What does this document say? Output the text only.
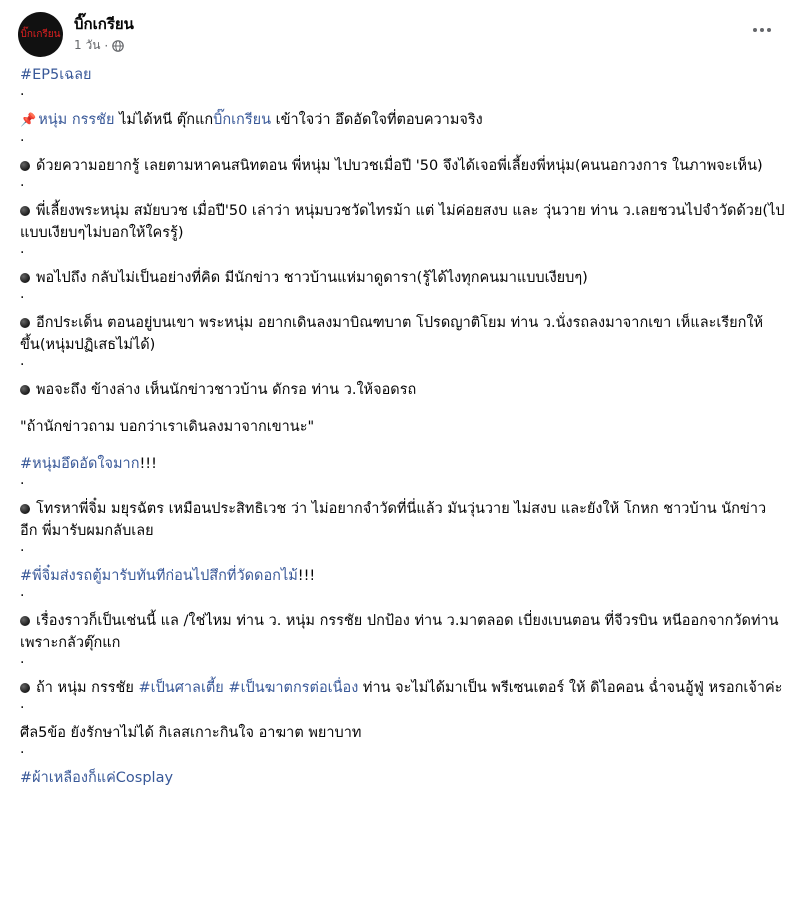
บิ๊กเกรียน
บิ๊กเกรียน
1 วัน ·

#EP5เฉลย

.

📌 หนุ่ม กรรชัย ไม่ได้หนี ตุ๊กแกบิ๊กเกรียน เข้าใจว่า อึดอัดใจที่ตอบความจริง

.

ด้วยความอยากรู้ เลยตามหาคนสนิทตอน พี่หนุ่ม ไปบวชเมื่อปี '50 จึงได้เจอพี่เลี้ยงพี่หนุ่ม(คนนอกวงการ ในภาพจะเห็น)

.

พี่เลี้ยงพระหนุ่ม สมัยบวช เมื่อปี'50 เล่าว่า หนุ่มบวชวัดไทรม้า แต่ ไม่ค่อยสงบ และ วุ่นวาย ท่าน ว.เลยชวนไปจำวัดด้วย(ไปแบบเงียบๆไม่บอกให้ใครรู้)

.

พอไปถึง กลับไม่เป็นอย่างที่คิด มีนักข่าว ชาวบ้านแห่มาดูดารา(รู้ได้ไงทุกคนมาแบบเงียบๆ)

.

อีกประเด็น ตอนอยู่บนเขา พระหนุ่ม อยากเดินลงมาบิณฑบาต โปรดญาติโยม ท่าน ว.นั่งรถลงมาจากเขา เห็และเรียกให้ขึ้น(หนุ่มปฏิเสธไม่ได้)

.

พอจะถึง ข้างล่าง เห็นนักข่าวชาวบ้าน ดักรอ ท่าน ว.ให้จอดรถ

"ถ้านักข่าวถาม บอกว่าเราเดินลงมาจากเขานะ"

#หนุ่มอึดอัดใจมาก!!!

.

โทรหาพี่จิ๋ม มยุรฉัตร เหมือนประสิทธิเวช ว่า ไม่อยากจำวัดที่นี่แล้ว มันวุ่นวาย ไม่สงบ และยังให้ โกหก ชาวบ้าน นักข่าว อีก พี่มารับผมกลับเลย

.

#พี่จิ๋มส่งรถตู้มารับทันทีก่อนไปสึกที่วัดดอกไม้!!!

.

เรื่องราวก็เป็นเช่นนี้ แล /ใช่ไหม ท่าน ว. หนุ่ม กรรชัย ปกป้อง ท่าน ว.มาตลอด เบี่ยงเบนตอน ที่จีวรบิน หนีออกจากวัดท่าน เพราะกลัวตุ๊กแก

.

ถ้า หนุ่ม กรรชัย #เป็นศาลเตี้ย #เป็นฆาตกรต่อเนื่อง ท่าน จะไม่ได้มาเป็น พรีเซนเตอร์ ให้ ดิไอคอน ฉ่ำจนอู้ฟู่ หรอกเจ้าค่ะ

.

ศีล5ข้อ ยังรักษาไม่ได้ กิเลสเกาะกินใจ อาฆาต พยาบาท

.

#ผ้าเหลืองก็แค่Cosplay
